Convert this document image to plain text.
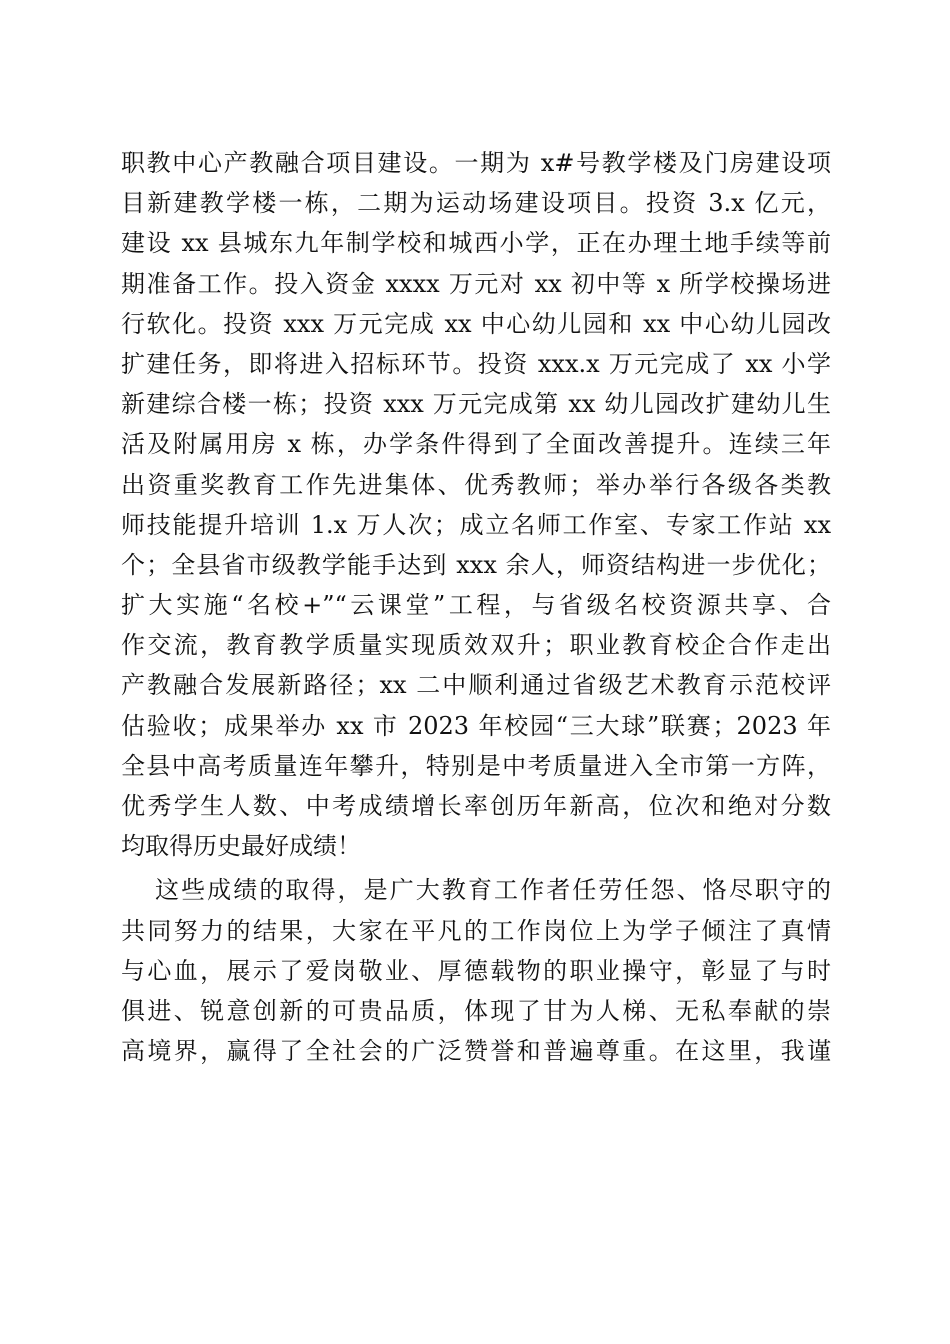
职教中心产教融合项目建设。一期为 x#号教学楼及门房建设项
目新建教学楼一栋，二期为运动场建设项目。投资 3.x 亿元，
建设 xx 县城东九年制学校和城西小学，正在办理土地手续等前
期准备工作。投入资金 xxxx 万元对 xx 初中等 x 所学校操场进
行软化。投资 xxx 万元完成 xx 中心幼儿园和 xx 中心幼儿园改
扩建任务，即将进入招标环节。投资 xxx.x 万元完成了 xx 小学
新建综合楼一栋；投资 xxx 万元完成第 xx 幼儿园改扩建幼儿生
活及附属用房 x 栋，办学条件得到了全面改善提升。连续三年
出资重奖教育工作先进集体、优秀教师；举办举行各级各类教
师技能提升培训 1.x 万人次；成立名师工作室、专家工作站 xx
个；全县省市级教学能手达到 xxx 余人，师资结构进一步优化；
扩大实施“名校+”“云课堂”工程，与省级名校资源共享、合
作交流，教育教学质量实现质效双升；职业教育校企合作走出
产教融合发展新路径；xx 二中顺利通过省级艺术教育示范校评
估验收；成果举办 xx 市 2023 年校园“三大球”联赛；2023 年
全县中高考质量连年攀升，特别是中考质量进入全市第一方阵，
优秀学生人数、中考成绩增长率创历年新高，位次和绝对分数
均取得历史最好成绩！
这些成绩的取得，是广大教育工作者任劳任怨、恪尽职守的
共同努力的结果，大家在平凡的工作岗位上为学子倾注了真情
与心血，展示了爱岗敬业、厚德载物的职业操守，彰显了与时
俱进、锐意创新的可贵品质，体现了甘为人梯、无私奉献的崇
高境界，赢得了全社会的广泛赞誉和普遍尊重。在这里，我谨
